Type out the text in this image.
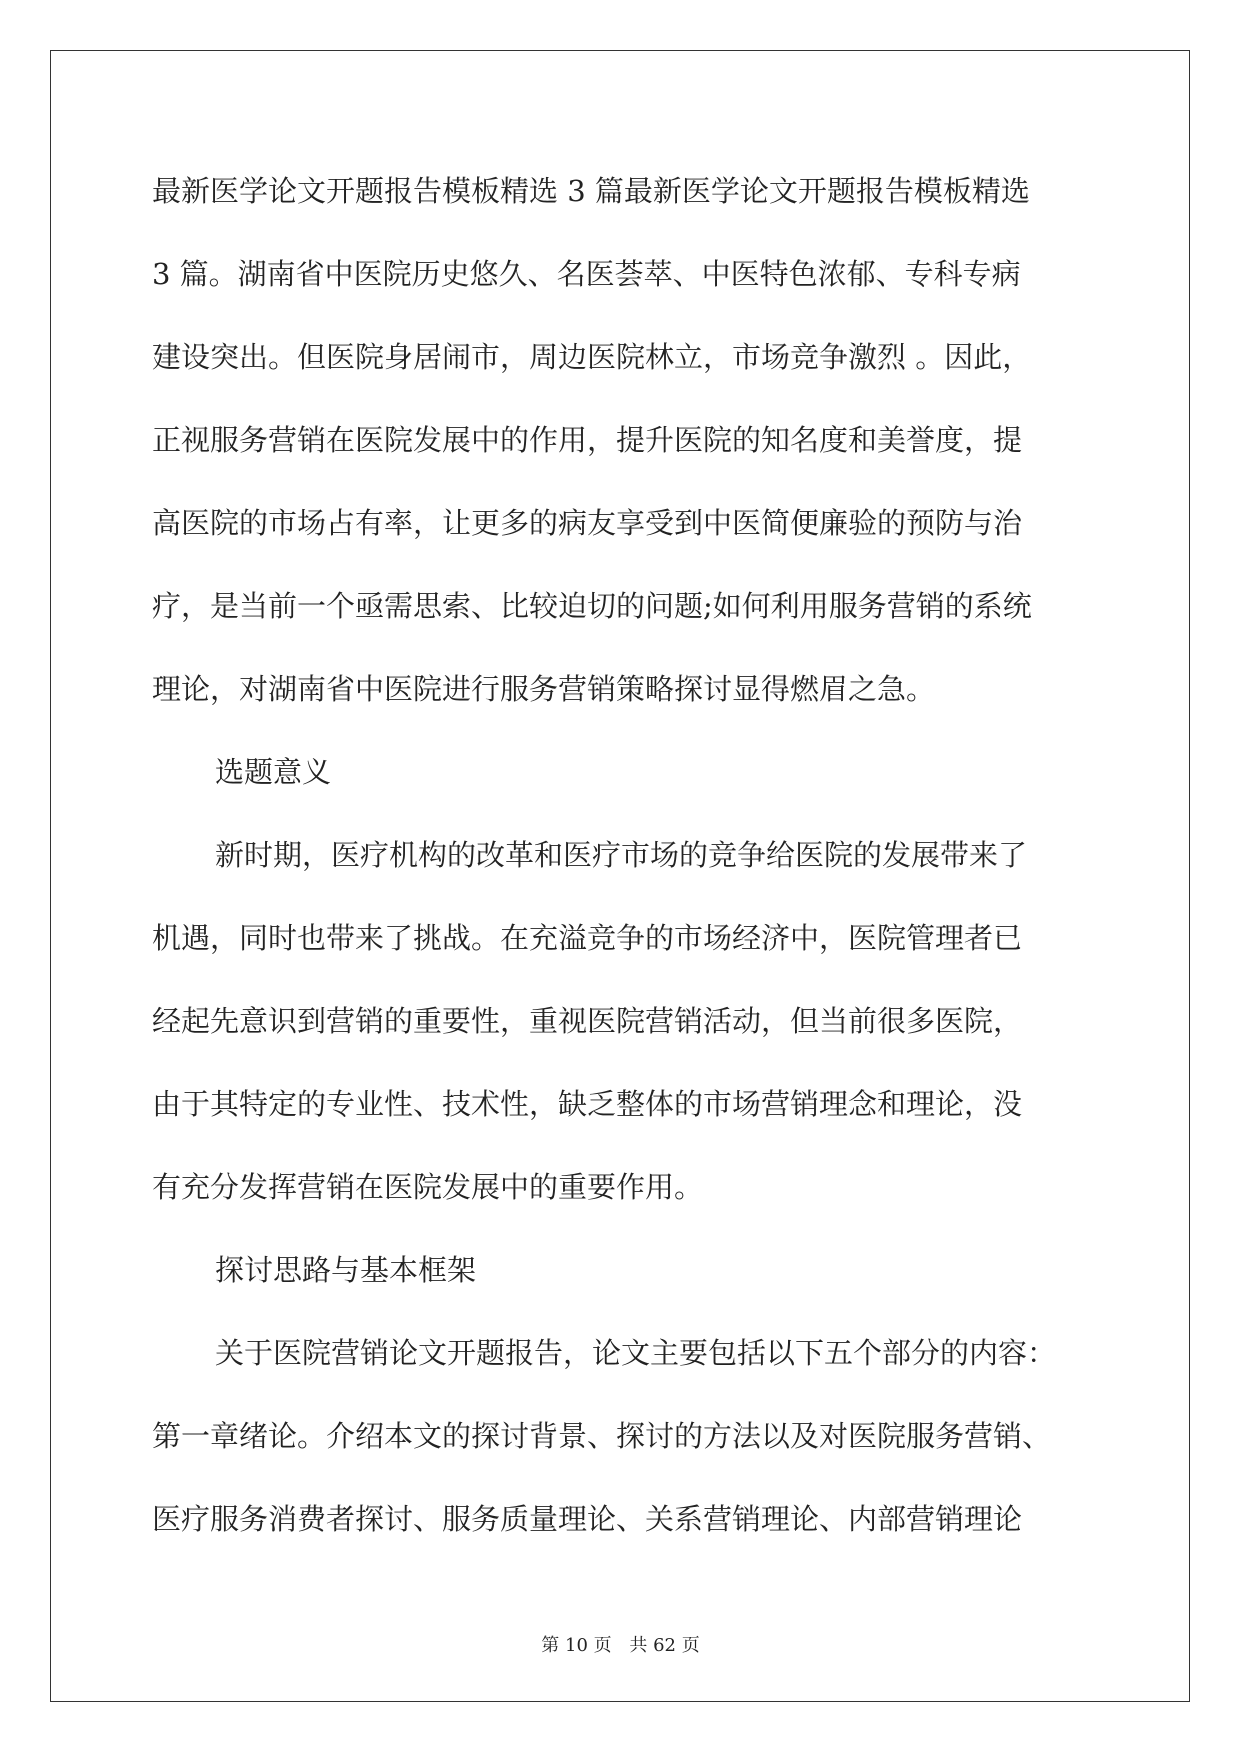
最新医学论文开题报告模板精选 3 篇最新医学论文开题报告模板精选
3 篇。湖南省中医院历史悠久、名医荟萃、中医特色浓郁、专科专病
建设突出。但医院身居闹市，周边医院林立，市场竞争激烈 。因此，
正视服务营销在医院发展中的作用，提升医院的知名度和美誉度，提
高医院的市场占有率，让更多的病友享受到中医简便廉验的预防与治
疗，是当前一个亟需思索、比较迫切的问题;如何利用服务营销的系统
理论，对湖南省中医院进行服务营销策略探讨显得燃眉之急。
选题意义
新时期，医疗机构的改革和医疗市场的竞争给医院的发展带来了
机遇，同时也带来了挑战。在充溢竞争的市场经济中，医院管理者已
经起先意识到营销的重要性，重视医院营销活动，但当前很多医院，
由于其特定的专业性、技术性，缺乏整体的市场营销理念和理论，没
有充分发挥营销在医院发展中的重要作用。
探讨思路与基本框架
关于医院营销论文开题报告，论文主要包括以下五个部分的内容：
第一章绪论。介绍本文的探讨背景、探讨的方法以及对医院服务营销、
医疗服务消费者探讨、服务质量理论、关系营销理论、内部营销理论
第 10 页 共 62 页
